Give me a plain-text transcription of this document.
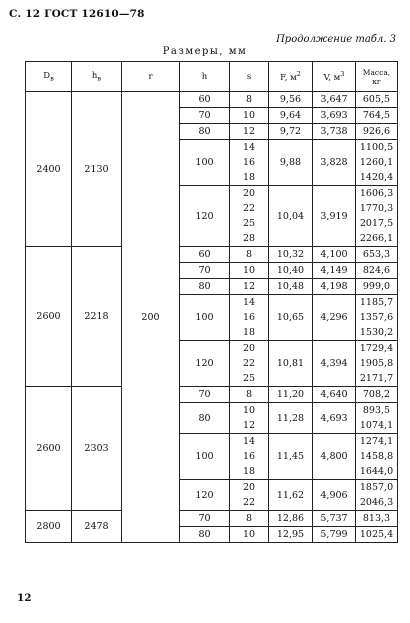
С. 12 ГОСТ 12610—78
Продолжение табл. 3
Размеры, мм
$D_в$	$h_в$	r	h	s	F, $м^2$	V, $м^3$	Масса,
кг
2400	2130	200	60	8	9,56	3,647	605,5
			70	10	9,64	3,693	764,5
			80	12	9,72	3,738	926,6
			100	14	9,88	3,828	1100,5
				16			1260,1
				18			1420,4
			120	20	10,04	3,919	1606,3
				22			1770,3
				25			2017,5
				28			2266,1
2600	2218		60	8	10,32	4,100	653,3
			70	10	10,40	4,149	824,6
			80	12	10,48	4,198	999,0
			100	14	10,65	4,296	1185,7
				16			1357,6
				18			1530,2
			120	20	10,81	4,394	1729,4
				22			1905,8
				25			2171,7
2600	2303		70	8	11,20	4,640	708,2
			80	10	11,28	4,693	893,5
				12			1074,1
			100	14	11,45	4,800	1274,1
				16			1458,8
				18			1644,0
			120	20	11,62	4,906	1857,0
				22			2046,3
2800	2478		70	8	12,86	5,737	813,3
			80	10	12,95	5,799	1025,4
12
